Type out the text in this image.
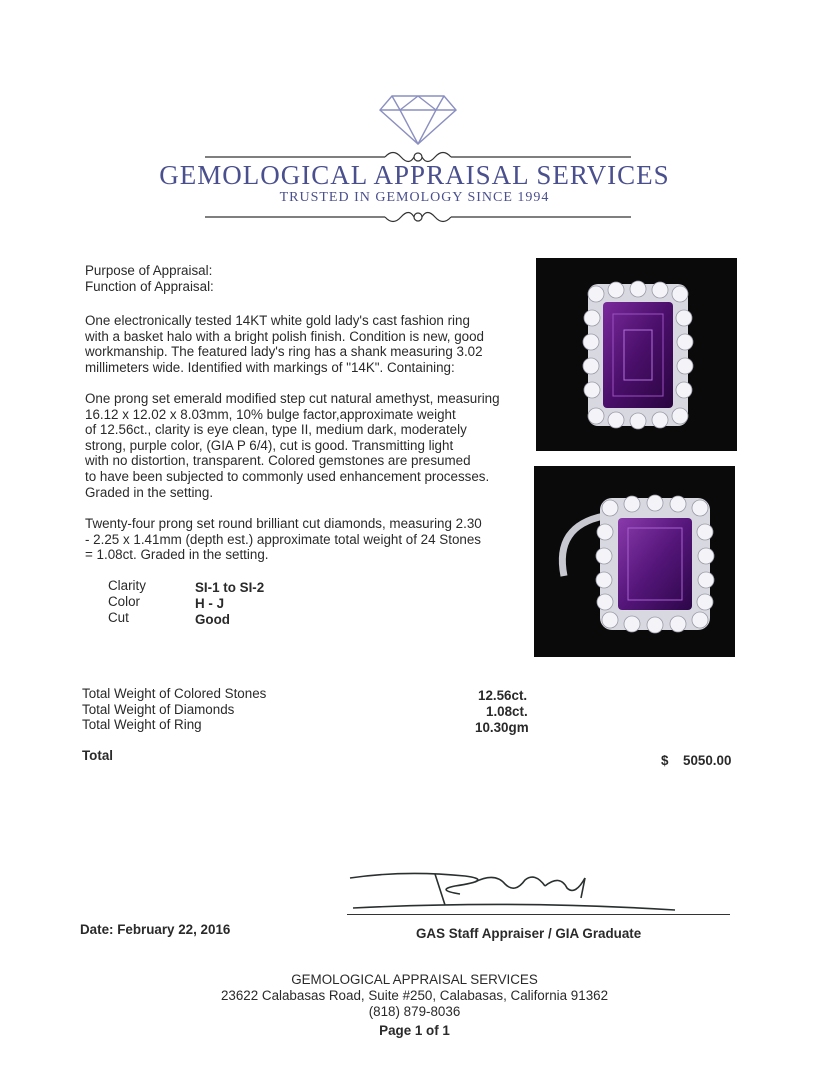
GEMOLOGICAL APPRAISAL SERVICES
TRUSTED IN GEMOLOGY SINCE 1994
Purpose of Appraisal:
Function of Appraisal:
One electronically tested 14KT white gold lady's cast fashion ring
with a basket halo with a bright polish finish. Condition is new, good
workmanship. The featured lady's ring has a shank measuring 3.02
millimeters wide. Identified with markings of "14K". Containing:
One prong set emerald modified step cut natural amethyst, measuring
16.12 x 12.02 x 8.03mm, 10% bulge factor,approximate weight
of 12.56ct., clarity is eye clean, type II, medium dark, moderately
strong, purple color, (GIA P 6/4), cut is good. Transmitting light
with no distortion, transparent. Colored gemstones are presumed
to have been subjected to commonly used enhancement processes.
Graded in the setting.
Twenty-four prong set round brilliant cut diamonds, measuring 2.30
- 2.25 x 1.41mm (depth est.) approximate total weight of 24 Stones
= 1.08ct. Graded in the setting.
Clarity	SI-1 to SI-2
Color	H - J
Cut	Good
Total Weight of Colored Stones	12.56ct.
Total Weight of Diamonds	1.08ct.
Total Weight of Ring	10.30gm
Total	$ 5050.00
Date: February 22, 2016	GAS Staff Appraiser / GIA Graduate
GEMOLOGICAL APPRAISAL SERVICES
23622 Calabasas Road, Suite #250, Calabasas, California 91362
(818) 879-8036
Page 1 of 1
